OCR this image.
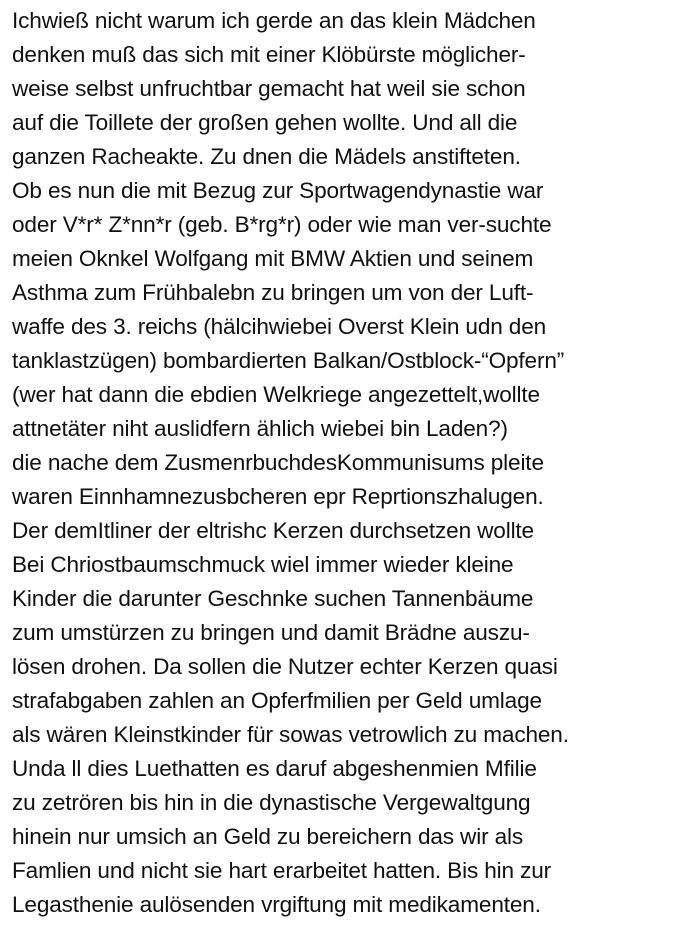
Ichwieß nicht warum ich gerde an das klein Mädchen
denken muß das sich mit einer Klöbürste möglicher-
weise selbst unfruchtbar gemacht hat weil sie schon
auf die Toillete der großen gehen wollte. Und all die
ganzen Racheakte. Zu dnen die Mädels anstifteten.
Ob es nun die mit Bezug zur Sportwagendynastie war
oder V*r* Z*nn*r (geb. B*rg*r) oder wie man ver-suchte
meien Oknkel Wolfgang mit BMW Aktien und seinem
Asthma zum Frühbalebn zu bringen um von der Luft-
waffe des 3. reichs (hälcihwiebei Overst Klein udn den
tanklastzügen) bombardierten Balkan/Ostblock-“Opfern”
(wer hat dann die ebdien Welkriege angezettelt,wollte
attnetäter niht auslidfern ählich wiebei bin Laden?)
die nache dem ZusmenrbuchdesKommunisums pleite
waren Einnhamnezusbcheren epr Reprtionszhalugen.
Der demItliner der eltrishc Kerzen durchsetzen wollte
Bei Chriostbaumschmuck wiel immer wieder kleine
Kinder die darunter Geschnke suchen Tannenbäume
zum umstürzen zu bringen und damit Brädne auszu-
lösen drohen. Da sollen die Nutzer echter Kerzen quasi
strafabgaben zahlen an Opferfmilien per Geld umlage
als wären Kleinstkinder für sowas vetrowlich zu machen.
Unda ll dies Luethatten es daruf abgeshenmien Mfilie
zu zetrören bis hin in die dynastische Vergewaltgung
hinein nur umsich an Geld zu bereichern das wir als
Famlien und nicht sie hart erarbeitet hatten. Bis hin zur
Legasthenie aulösenden vrgiftung mit medikamenten.
